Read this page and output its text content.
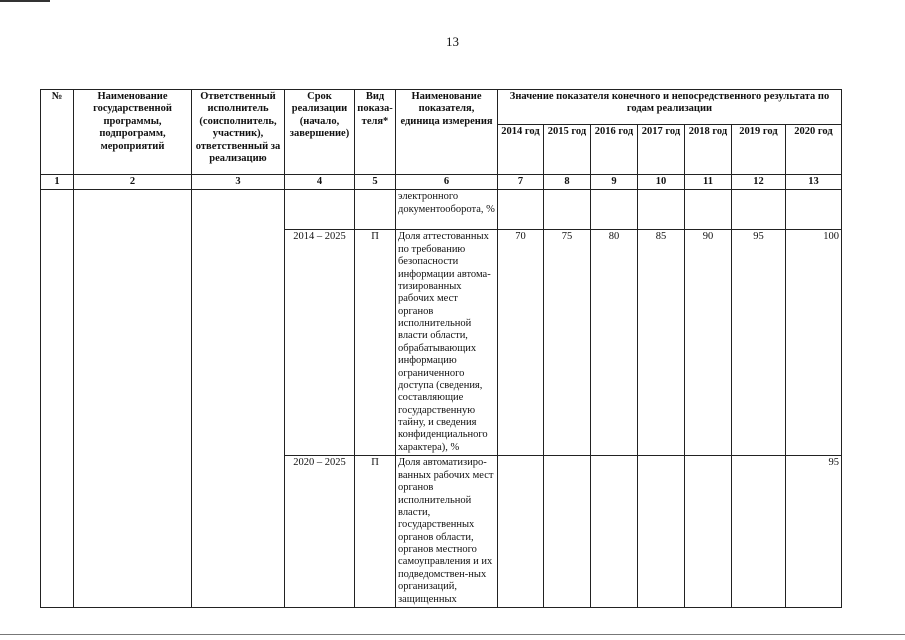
13
№	Наименование государственной программы, подпрограмм, мероприятий	Ответственный исполнитель (соисполнитель, участник), ответственный за реализацию	Срок реализации (начало, завершение)	Вид показа-теля*	Наименование показателя, единица измерения	Значение показателя конечного и непосредственного результата по годам реализации						
						2014 год	2015 год	2016 год	2017 год	2018 год	2019 год	2020 год
1	2	3	4	5	6	7	8	9	10	11	12	13
					электронного документооборота, %							
			2014 – 2025	П	Доля аттестованных по требованию безопасности информации автома-тизированных рабочих мест органов исполнительной власти области, обрабатывающих информацию ограниченного доступа (сведения, составляющие государственную тайну, и сведения конфиденциального характера), %	70	75	80	85	90	95	100
			2020 – 2025	П	Доля автоматизиро-ванных рабочих мест органов исполнительной власти, государственных органов области, органов местного самоуправления и их подведомствен-ных организаций, защищенных							95
